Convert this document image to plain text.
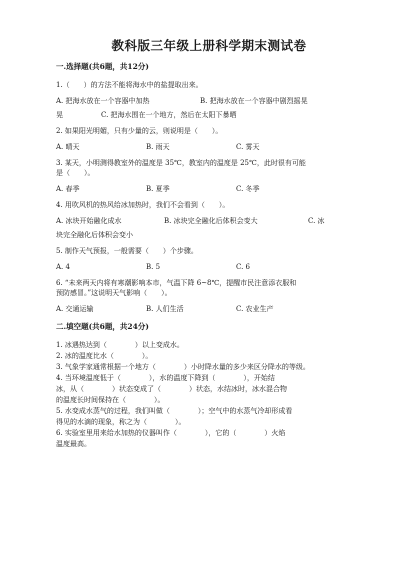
教科版三年级上册科学期末测试卷
一.选择题(共6题，共12分)
1.（　　）的方法不能将海水中的盐提取出来。
A. 把海水放在一个容器中加热	B. 把海水放在一个容器中剧烈摇晃
晃	C. 把海水围在一个地方，然后在太阳下暴晒
2. 如果阳光明媚，只有少量的云，则说明是（　　）。
A. 晴天	B. 雨天	C. 雾天
3. 某天，小明测得教室外的温度是 35℃，教室内的温度是 25℃，此时很有可能
是（　　）。
A. 春季	B. 夏季	C. 冬季
4. 用吹风机的热风给冰加热时，我们不会看到（　　）。
A. 冰块开始融化成水	B. 冰块完全融化后体积会变大	C. 冰
块完全融化后体积会变小
5. 制作天气预报，一般需要（　　）个步骤。
A. 4	B. 5	C. 6
6. “未来两天内将有寒潮影响本市，气温下降 6~8℃，提醒市民注意添衣服和
预防感冒。”这说明天气影响（　　）。
A. 交通运输	B. 人们生活	C. 农业生产
二.填空题(共6题，共24分)
1. 冰遇热达到（　　　　）以上变成水。
2. 冰的温度比水（　　　　）。
3. 气象学家通常根据一个地方（　　　　）小时降水量的多少来区分降水的等级。
4. 当环境温度低于（　　　　），水的温度下降到（　　　　），开始结
冰，从（　　　　）状态变成了（　　　　）状态，水结冰时，冰水混合物
的温度长时间保持在（　　　　）。
5. 水变成水蒸气的过程，我们叫做（　　　　）；空气中的水蒸气冷却形成看
得见的水滴的现象，称之为（　　　　）。
6. 实验室里用来给水加热的仪器叫作（　　　　），它的（　　　　）火焰
温度最高。
